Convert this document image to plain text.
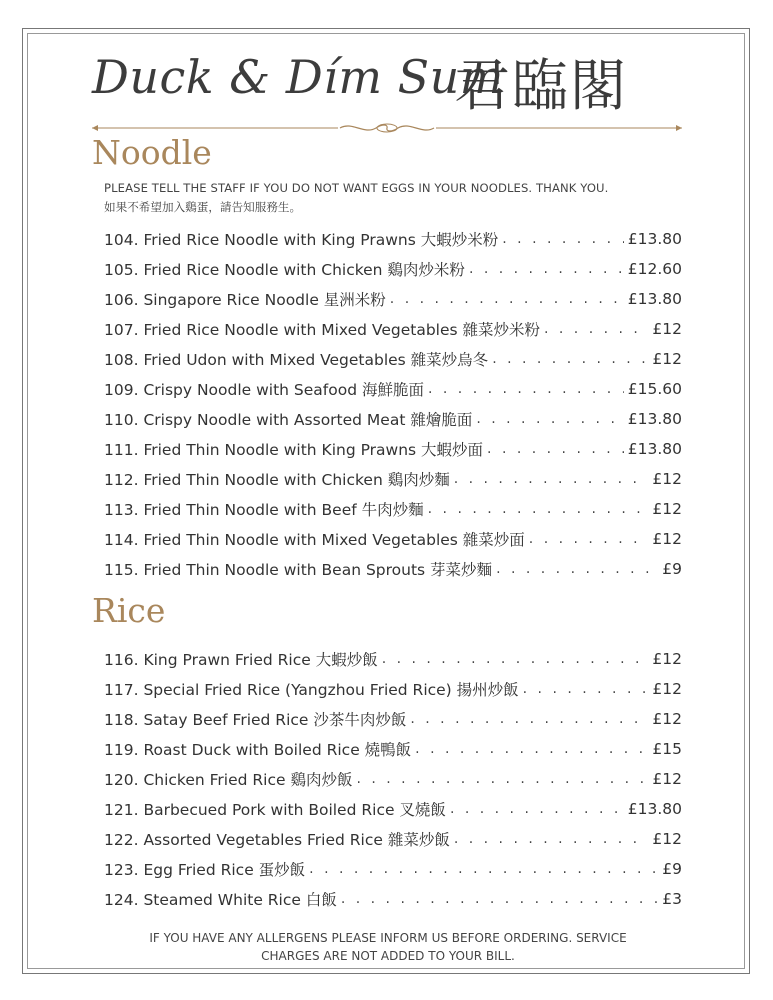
Duck & Dím Sum
君臨閣
Noodle
PLEASE TELL THE STAFF IF YOU DO NOT WANT EGGS IN YOUR NOODLES. THANK YOU.
如果不希望加入鷄蛋，請告知服務生。
104. Fried Rice Noodle with King Prawns 大蝦炒米粉 . . .	£13.80
105. Fried Rice Noodle with Chicken 鷄肉炒米粉 . . .	£12.60
106. Singapore Rice Noodle 星洲米粉 . . .	£13.80
107. Fried Rice Noodle with Mixed Vegetables 雜菜炒米粉 . . .	£12
108. Fried Udon with Mixed Vegetables 雜菜炒烏冬 . . .	£12
109. Crispy Noodle with Seafood 海鮮脆面 . . .	£15.60
110. Crispy Noodle with Assorted Meat 雜燴脆面 . . .	£13.80
111. Fried Thin Noodle with King Prawns 大蝦炒面 . . .	£13.80
112. Fried Thin Noodle with Chicken 鷄肉炒麵 . . .	£12
113. Fried Thin Noodle with Beef 牛肉炒麵 . . .	£12
114. Fried Thin Noodle with Mixed Vegetables 雜菜炒面 . . .	£12
115. Fried Thin Noodle with Bean Sprouts 芽菜炒麵 . . .	£9
Rice
116. King Prawn Fried Rice 大蝦炒飯 . . .	£12
117. Special Fried Rice (Yangzhou Fried Rice) 揚州炒飯 . . .	£12
118. Satay Beef Fried Rice 沙茶牛肉炒飯 . . .	£12
119. Roast Duck with Boiled Rice 燒鴨飯 . . .	£15
120. Chicken Fried Rice 鷄肉炒飯 . . .	£12
121. Barbecued Pork with Boiled Rice 叉燒飯 . . .	£13.80
122. Assorted Vegetables Fried Rice 雜菜炒飯 . . .	£12
123. Egg Fried Rice 蛋炒飯 . . .	£9
124. Steamed White Rice 白飯 . . .	£3
IF YOU HAVE ANY ALLERGENS PLEASE INFORM US BEFORE ORDERING. SERVICE
CHARGES ARE NOT ADDED TO YOUR BILL.
